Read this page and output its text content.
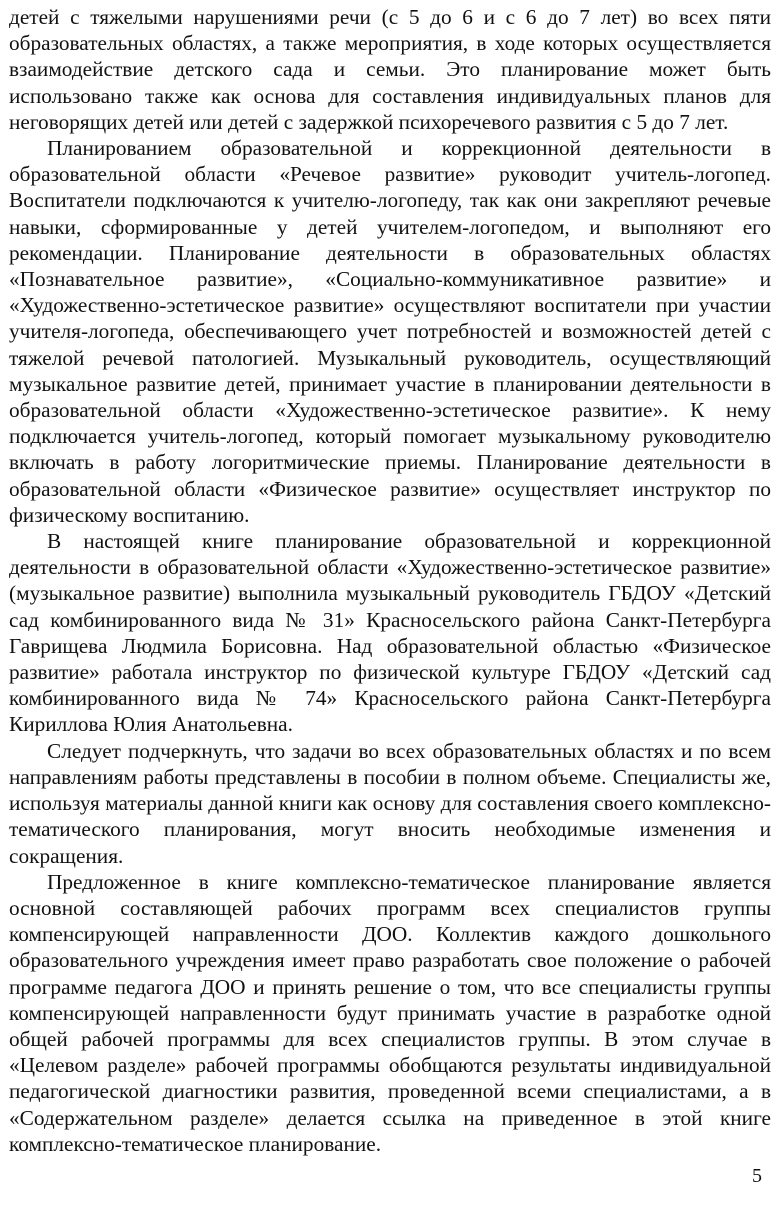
детей с тяжелыми нарушениями речи (с 5 до 6 и с 6 до 7 лет) во всех пяти образовательных областях, а также мероприятия, в ходе которых осуществляется взаимодействие детского сада и семьи. Это планирование может быть использовано также как основа для составления индивидуальных планов для неговорящих детей или детей с задержкой психоречевого развития с 5 до 7 лет.

Планированием образовательной и коррекционной деятельности в образовательной области «Речевое развитие» руководит учитель-логопед. Воспитатели подключаются к учителю-логопеду, так как они закрепляют речевые навыки, сформированные у детей учителем-логопедом, и выполняют его рекомендации. Планирование деятельности в образовательных областях «Познавательное развитие», «Социально-коммуникативное развитие» и «Художественно-эстетическое развитие» осуществляют воспитатели при участии учителя-логопеда, обеспечивающего учет потребностей и возможностей детей с тяжелой речевой патологией. Музыкальный руководитель, осуществляющий музыкальное развитие детей, принимает участие в планировании деятельности в образовательной области «Художественно-эстетическое развитие». К нему подключается учитель-логопед, который помогает музыкальному руководителю включать в работу логоритмические приемы. Планирование деятельности в образовательной области «Физическое развитие» осуществляет инструктор по физическому воспитанию.

В настоящей книге планирование образовательной и коррекционной деятельности в образовательной области «Художественно-эстетическое развитие» (музыкальное развитие) выполнила музыкальный руководитель ГБДОУ «Детский сад комбинированного вида № 31» Красносельского района Санкт-Петербурга Гаврищева Людмила Борисовна. Над образовательной областью «Физическое развитие» работала инструктор по физической культуре ГБДОУ «Детский сад комбинированного вида № 74» Красносельского района Санкт-Петербурга Кириллова Юлия Анатольевна.

Следует подчеркнуть, что задачи во всех образовательных областях и по всем направлениям работы представлены в пособии в полном объеме. Специалисты же, используя материалы данной книги как основу для составления своего комплексно-тематического планирования, могут вносить необходимые изменения и сокращения.

Предложенное в книге комплексно-тематическое планирование является основной составляющей рабочих программ всех специалистов группы компенсирующей направленности ДОО. Коллектив каждого дошкольного образовательного учреждения имеет право разработать свое положение о рабочей программе педагога ДОО и принять решение о том, что все специалисты группы компенсирующей направленности будут принимать участие в разработке одной общей рабочей программы для всех специалистов группы. В этом случае в «Целевом разделе» рабочей программы обобщаются результаты индивидуальной педагогической диагностики развития, проведенной всеми специалистами, а в «Содержательном разделе» делается ссылка на приведенное в этой книге комплексно-тематическое планирование.

5
